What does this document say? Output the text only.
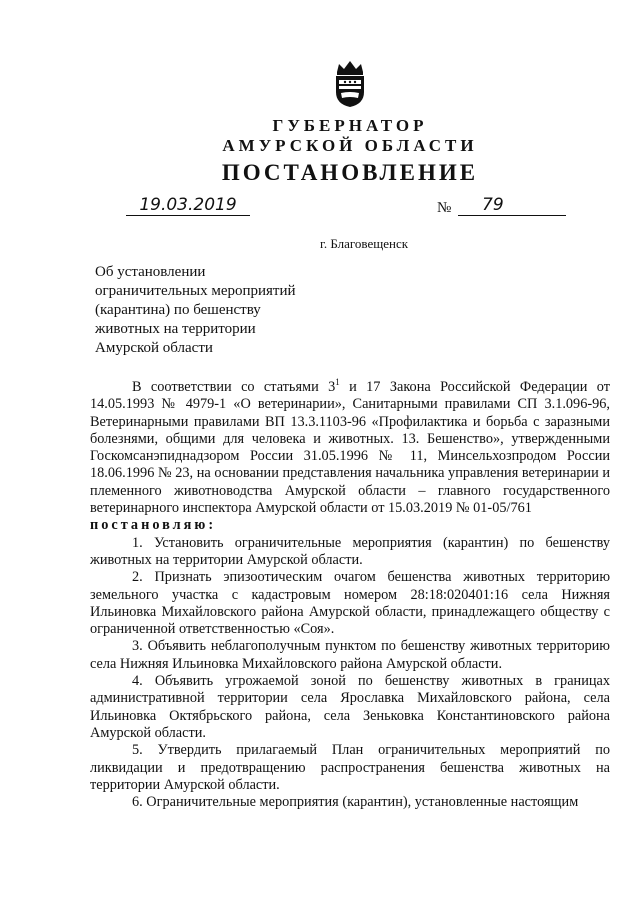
ГУБЕРНАТОР
АМУРСКОЙ ОБЛАСТИ
ПОСТАНОВЛЕНИЕ
19.03.2019	№	79
г. Благовещенск
Об установлении
ограничительных мероприятий
(карантина) по бешенству
животных на территории
Амурской области

В соответствии со статьями $3^1$ и 17 Закона Российской Федерации от 14.05.1993 № 4979-1 «О ветеринарии», Санитарными правилами СП 3.1.096-96, Ветеринарными правилами ВП 13.3.1103-96 «Профилактика и борьба с заразными болезнями, общими для человека и животных. 13. Бешенство», утвержденными Госкомсанэпиднадзором России 31.05.1996 № 11, Минсельхозпродом России 18.06.1996 № 23, на основании представления начальника управления ветеринарии и племенного животноводства Амурской области – главного государственного ветеринарного инспектора Амурской области от 15.03.2019 № 01-05/761

постановляю:

1. Установить ограничительные мероприятия (карантин) по бешенству животных на территории Амурской области.

2. Признать эпизоотическим очагом бешенства животных территорию земельного участка с кадастровым номером 28:18:020401:16 села Нижняя Ильиновка Михайловского района Амурской области, принадлежащего обществу с ограниченной ответственностью «Соя».

3. Объявить неблагополучным пунктом по бешенству животных территорию села Нижняя Ильиновка Михайловского района Амурской области.

4. Объявить угрожаемой зоной по бешенству животных в границах административной территории села Ярославка Михайловского района, села Ильиновка Октябрьского района, села Зеньковка Константиновского района Амурской области.

5. Утвердить прилагаемый План ограничительных мероприятий по ликвидации и предотвращению распространения бешенства животных на территории Амурской области.

6. Ограничительные мероприятия (карантин), установленные настоящим
